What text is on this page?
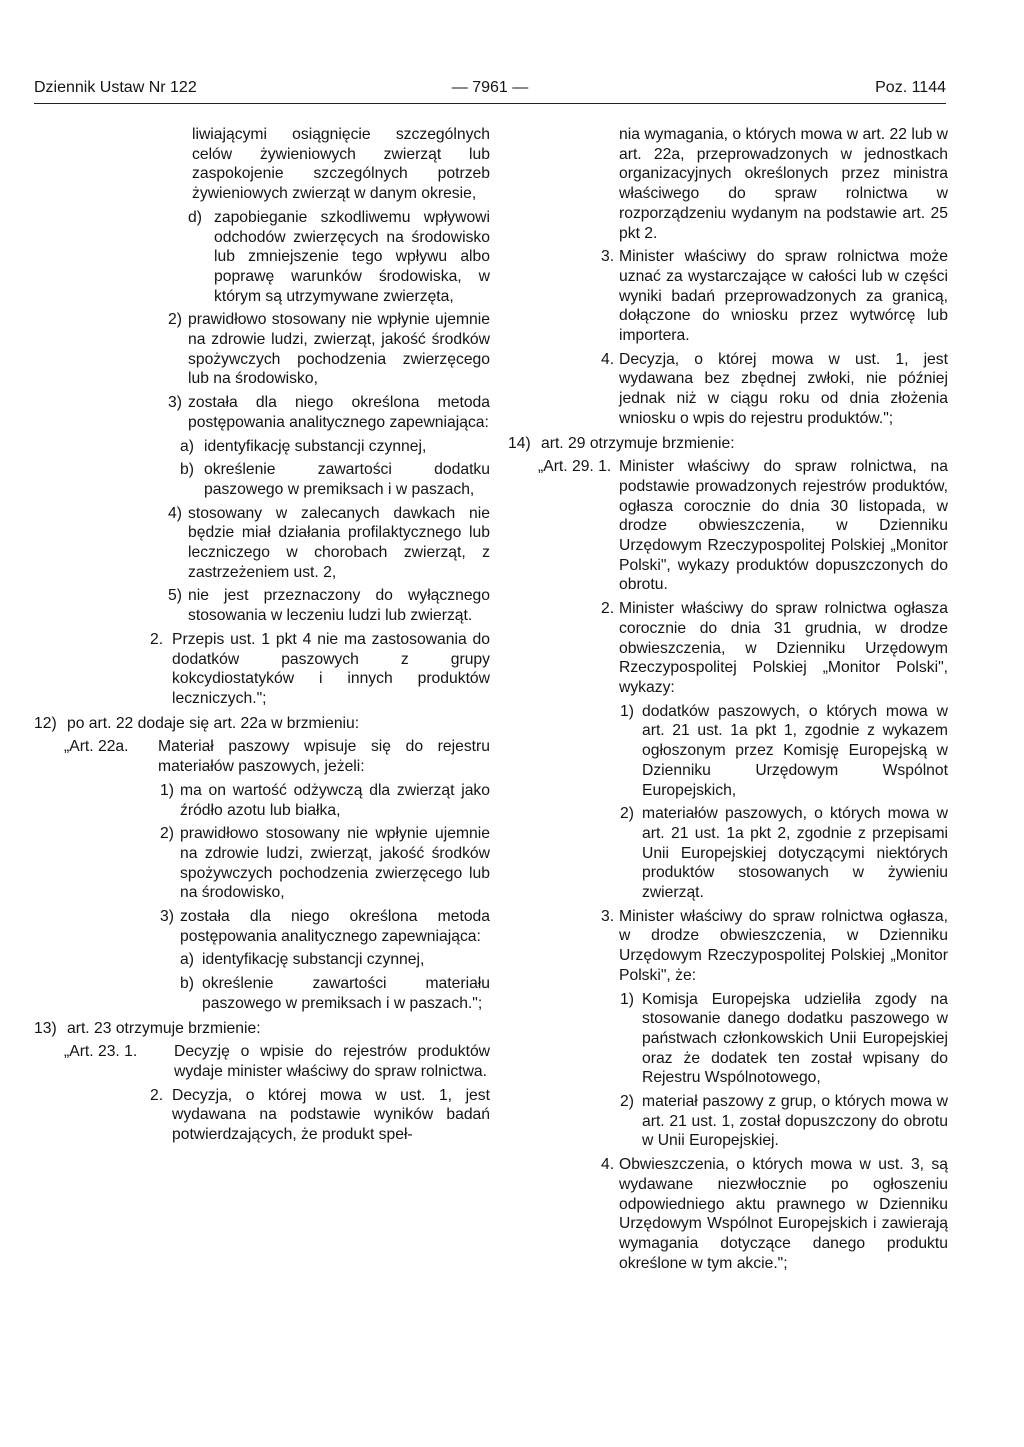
Dziennik Ustaw Nr 122	— 7961 —	Poz. 1144

liwiającymi osiągnięcie szczególnych celów żywieniowych zwierząt lub zaspokojenie szczególnych potrzeb żywieniowych zwierząt w danym okresie,

d) zapobieganie szkodliwemu wpływowi odchodów zwierzęcych na środowisko lub zmniejszenie tego wpływu albo poprawę warunków środowiska, w którym są utrzymywane zwierzęta,

2) prawidłowo stosowany nie wpłynie ujemnie na zdrowie ludzi, zwierząt, jakość środków spożywczych pochodzenia zwierzęcego lub na środowisko,

3) została dla niego określona metoda postępowania analitycznego zapewniająca:

a) identyfikację substancji czynnej,

b) określenie zawartości dodatku paszowego w premiksach i w paszach,

4) stosowany w zalecanych dawkach nie będzie miał działania profilaktycznego lub leczniczego w chorobach zwierząt, z zastrzeżeniem ust. 2,

5) nie jest przeznaczony do wyłącznego stosowania w leczeniu ludzi lub zwierząt.

2. Przepis ust. 1 pkt 4 nie ma zastosowania do dodatków paszowych z grupy kokcydiostatyków i innych produktów leczniczych.";

12) po art. 22 dodaje się art. 22a w brzmieniu:

„Art. 22a. Materiał paszowy wpisuje się do rejestru materiałów paszowych, jeżeli:

1) ma on wartość odżywczą dla zwierząt jako źródło azotu lub białka,

2) prawidłowo stosowany nie wpłynie ujemnie na zdrowie ludzi, zwierząt, jakość środków spożywczych pochodzenia zwierzęcego lub na środowisko,

3) została dla niego określona metoda postępowania analitycznego zapewniająca:

a) identyfikację substancji czynnej,

b) określenie zawartości materiału paszowego w premiksach i w paszach.";

13) art. 23 otrzymuje brzmienie:

„Art. 23. 1. Decyzję o wpisie do rejestrów produktów wydaje minister właściwy do spraw rolnictwa.

2. Decyzja, o której mowa w ust. 1, jest wydawana na podstawie wyników badań potwierdzających, że produkt speł-

nia wymagania, o których mowa w art. 22 lub w art. 22a, przeprowadzonych w jednostkach organizacyjnych określonych przez ministra właściwego do spraw rolnictwa w rozporządzeniu wydanym na podstawie art. 25 pkt 2.

3. Minister właściwy do spraw rolnictwa może uznać za wystarczające w całości lub w części wyniki badań przeprowadzonych za granicą, dołączone do wniosku przez wytwórcę lub importera.

4. Decyzja, o której mowa w ust. 1, jest wydawana bez zbędnej zwłoki, nie później jednak niż w ciągu roku od dnia złożenia wniosku o wpis do rejestru produktów.";

14) art. 29 otrzymuje brzmienie:

„Art. 29. 1. Minister właściwy do spraw rolnictwa, na podstawie prowadzonych rejestrów produktów, ogłasza corocznie do dnia 30 listopada, w drodze obwieszczenia, w Dzienniku Urzędowym Rzeczypospolitej Polskiej „Monitor Polski", wykazy produktów dopuszczonych do obrotu.

2. Minister właściwy do spraw rolnictwa ogłasza corocznie do dnia 31 grudnia, w drodze obwieszczenia, w Dzienniku Urzędowym Rzeczypospolitej Polskiej „Monitor Polski", wykazy:

1) dodatków paszowych, o których mowa w art. 21 ust. 1a pkt 1, zgodnie z wykazem ogłoszonym przez Komisję Europejską w Dzienniku Urzędowym Wspólnot Europejskich,

2) materiałów paszowych, o których mowa w art. 21 ust. 1a pkt 2, zgodnie z przepisami Unii Europejskiej dotyczącymi niektórych produktów stosowanych w żywieniu zwierząt.

3. Minister właściwy do spraw rolnictwa ogłasza, w drodze obwieszczenia, w Dzienniku Urzędowym Rzeczypospolitej Polskiej „Monitor Polski", że:

1) Komisja Europejska udzieliła zgody na stosowanie danego dodatku paszowego w państwach członkowskich Unii Europejskiej oraz że dodatek ten został wpisany do Rejestru Wspólnotowego,

2) materiał paszowy z grup, o których mowa w art. 21 ust. 1, został dopuszczony do obrotu w Unii Europejskiej.

4. Obwieszczenia, o których mowa w ust. 3, są wydawane niezwłocznie po ogłoszeniu odpowiedniego aktu prawnego w Dzienniku Urzędowym Wspólnot Europejskich i zawierają wymagania dotyczące danego produktu określone w tym akcie.";
